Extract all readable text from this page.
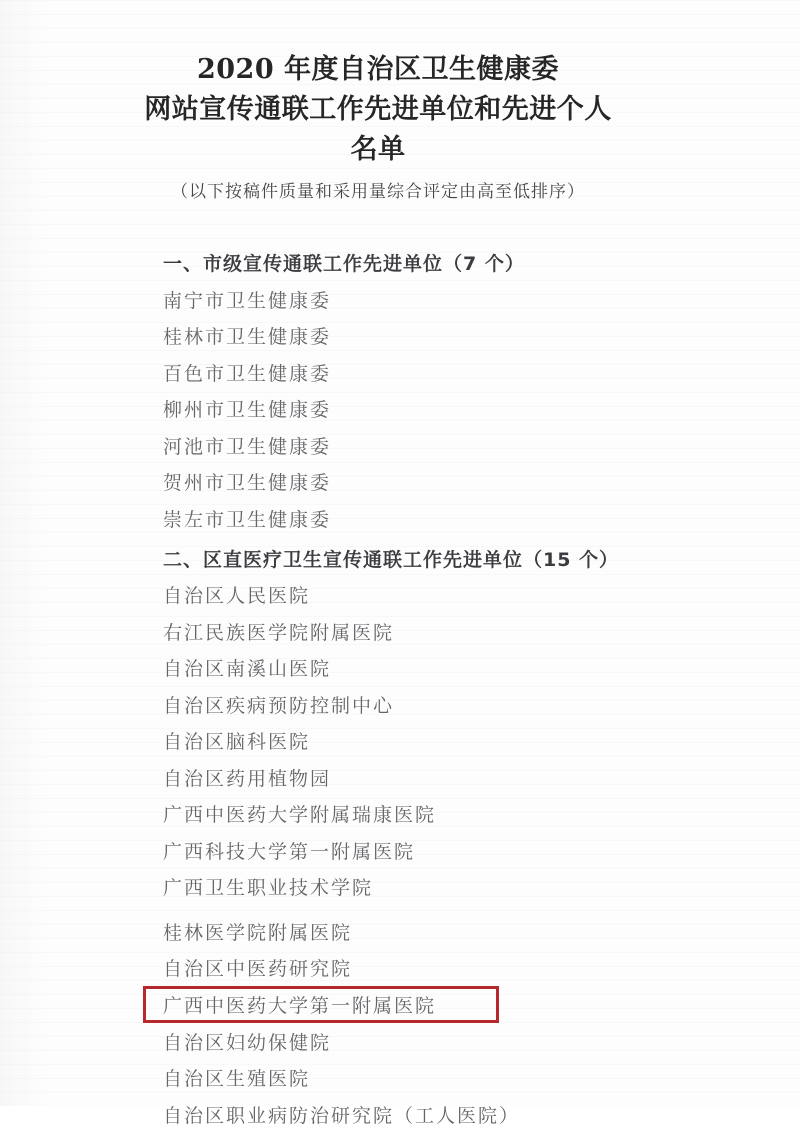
2020 年度自治区卫生健康委
网站宣传通联工作先进单位和先进个人名单
（以下按稿件质量和采用量综合评定由高至低排序）
一、市级宣传通联工作先进单位（7 个）
南宁市卫生健康委
桂林市卫生健康委
百色市卫生健康委
柳州市卫生健康委
河池市卫生健康委
贺州市卫生健康委
崇左市卫生健康委
二、区直医疗卫生宣传通联工作先进单位（15 个）
自治区人民医院
右江民族医学院附属医院
自治区南溪山医院
自治区疾病预防控制中心
自治区脑科医院
自治区药用植物园
广西中医药大学附属瑞康医院
广西科技大学第一附属医院
广西卫生职业技术学院
桂林医学院附属医院
自治区中医药研究院
广西中医药大学第一附属医院
自治区妇幼保健院
自治区生殖医院
自治区职业病防治研究院（工人医院）
